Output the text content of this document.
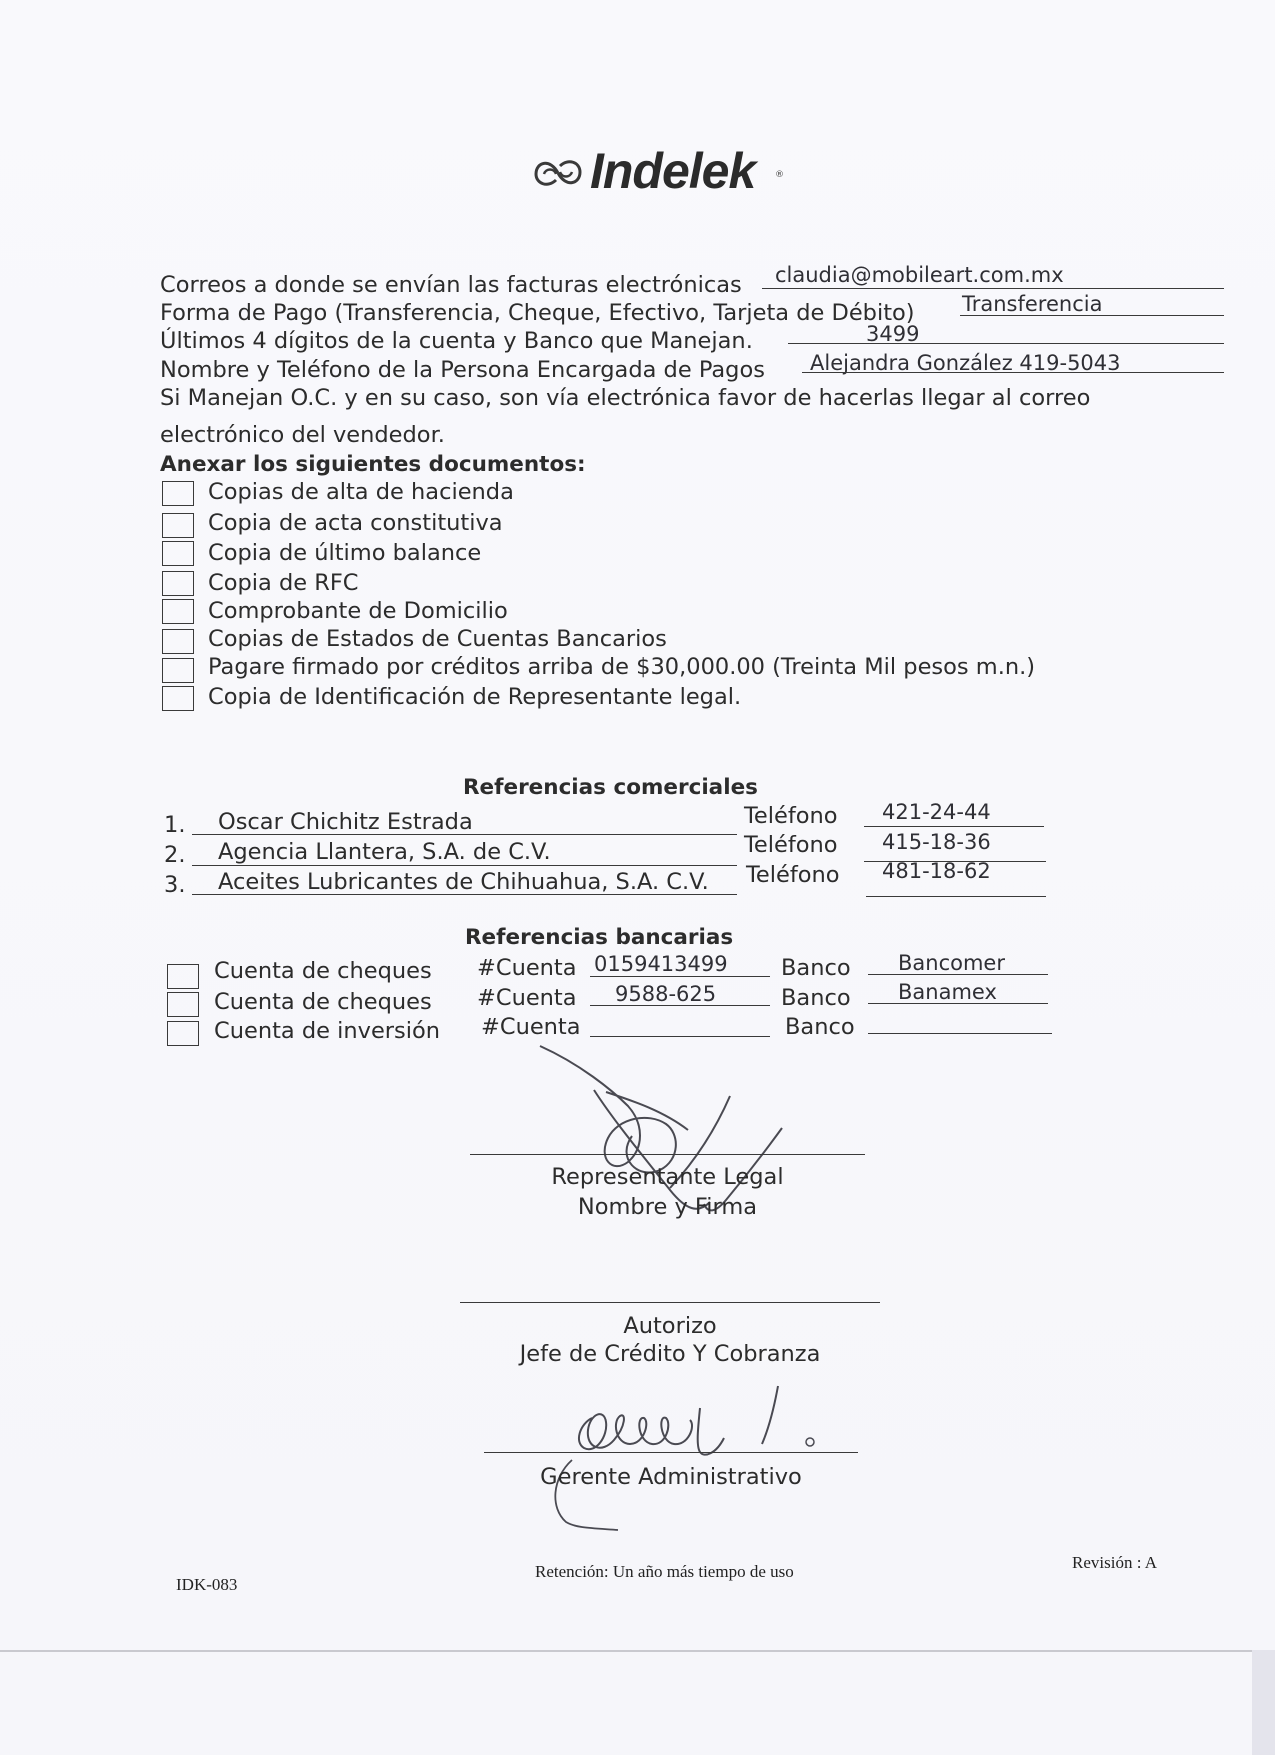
Indelek ®
Correos a donde se envían las facturas electrónicas claudia@mobileart.com.mx
Forma de Pago (Transferencia, Cheque, Efectivo, Tarjeta de Débito) Transferencia
Últimos 4 dígitos de la cuenta y Banco que Manejan.	3499
Nombre y Teléfono de la Persona Encargada de Pagos Alejandra González 419-5043
Si Manejan O.C. y en su caso, son vía electrónica favor de hacerlas llegar al correo
electrónico del vendedor.
Anexar los siguientes documentos:
Copias de alta de hacienda
Copia de acta constitutiva
Copia de último balance
Copia de RFC
Comprobante de Domicilio
Copias de Estados de Cuentas Bancarios
Pagare firmado por créditos arriba de $30,000.00 (Treinta Mil pesos m.n.)
Copia de Identificación de Representante legal.
Referencias comerciales
1. Oscar Chichitz Estrada	Teléfono 421-24-44
2. Agencia Llantera, S.A. de C.V.	Teléfono 415-18-36
3. Aceites Lubricantes de Chihuahua, S.A. C.V. Teléfono 481-18-62
Referencias bancarias
Cuenta de cheques #Cuenta 0159413499 Banco Bancomer
Cuenta de cheques #Cuenta 9588-625	Banco Banamex
Cuenta de inversión #Cuenta	Banco
Representante Legal
Nombre y Firma
Autorizo
Jefe de Crédito Y Cobranza
Gerente Administrativo
IDK-083
Retención: Un año más tiempo de uso	Revisión : A
